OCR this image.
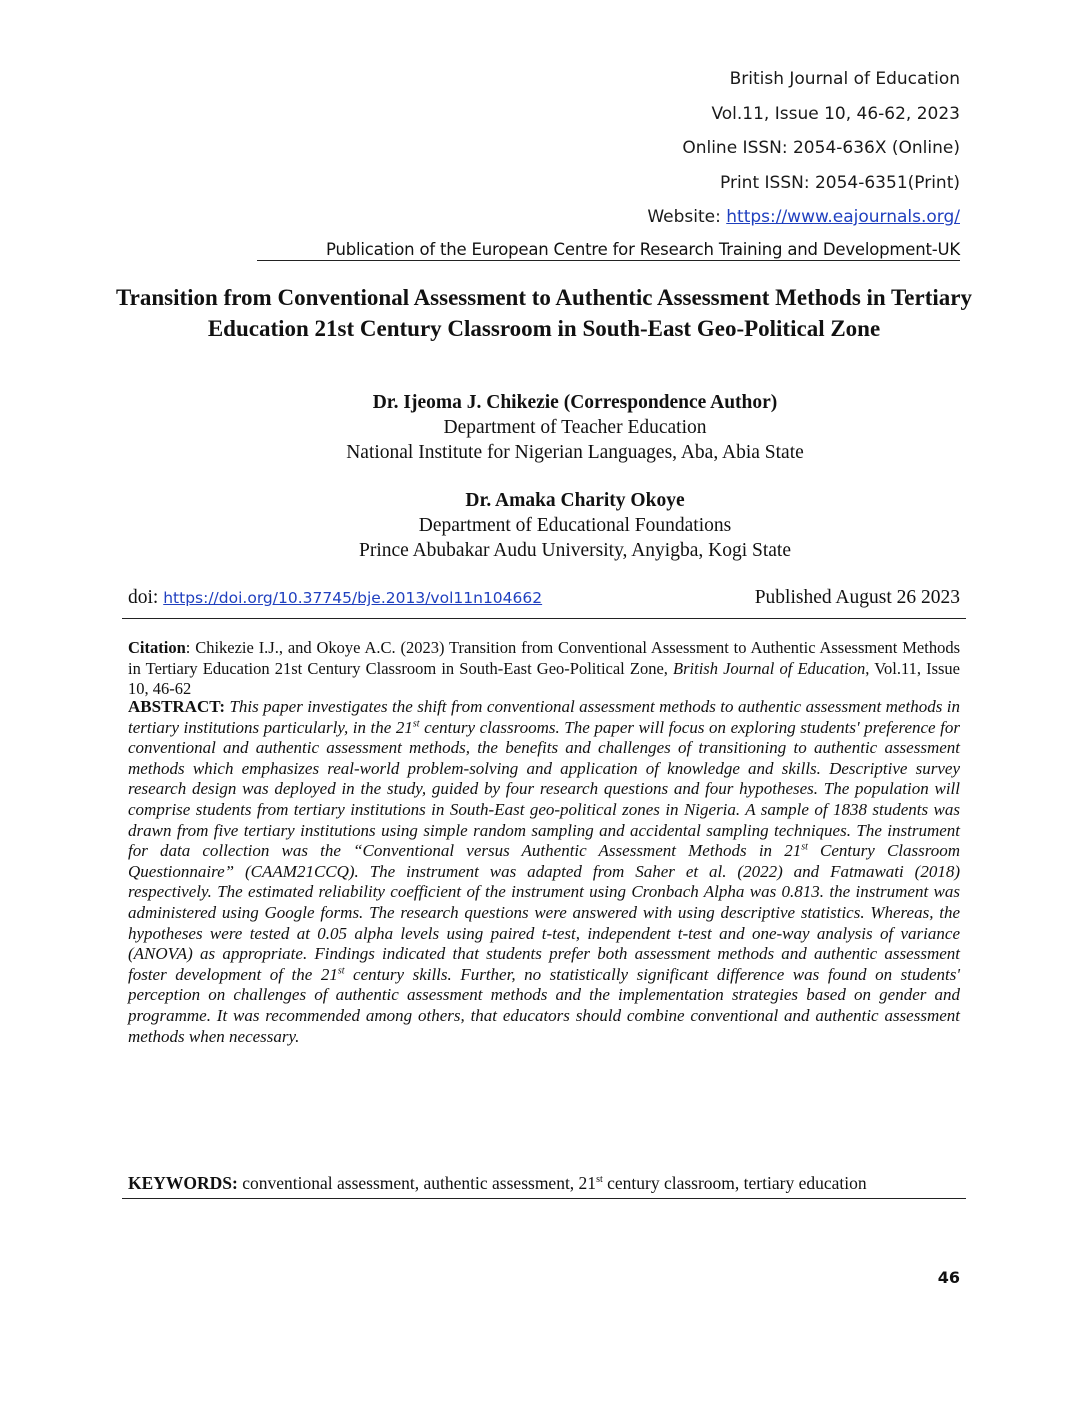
British Journal of Education
Vol.11, Issue 10, 46-62, 2023
Online ISSN: 2054-636X (Online)
Print ISSN: 2054-6351(Print)
Website: https://www.eajournals.org/
Publication of the European Centre for Research Training and Development-UK
Transition from Conventional Assessment to Authentic Assessment Methods in Tertiary Education 21st Century Classroom in South-East Geo-Political Zone
Dr. Ijeoma J. Chikezie (Correspondence Author)
Department of Teacher Education
National Institute for Nigerian Languages, Aba, Abia State
Dr. Amaka Charity Okoye
Department of Educational Foundations
Prince Abubakar Audu University, Anyigba, Kogi State
doi: https://doi.org/10.37745/bje.2013/vol11n104662	Published August 26 2023
Citation: Chikezie I.J., and Okoye A.C. (2023) Transition from Conventional Assessment to Authentic Assessment Methods in Tertiary Education 21st Century Classroom in South-East Geo-Political Zone, British Journal of Education, Vol.11, Issue 10, 46-62
ABSTRACT: This paper investigates the shift from conventional assessment methods to authentic assessment methods in tertiary institutions particularly, in the 21st century classrooms. The paper will focus on exploring students' preference for conventional and authentic assessment methods, the benefits and challenges of transitioning to authentic assessment methods which emphasizes real-world problem-solving and application of knowledge and skills. Descriptive survey research design was deployed in the study, guided by four research questions and four hypotheses. The population will comprise students from tertiary institutions in South-East geo-political zones in Nigeria. A sample of 1838 students was drawn from five tertiary institutions using simple random sampling and accidental sampling techniques. The instrument for data collection was the “Conventional versus Authentic Assessment Methods in 21st Century Classroom Questionnaire” (CAAM21CCQ). The instrument was adapted from Saher et al. (2022) and Fatmawati (2018) respectively. The estimated reliability coefficient of the instrument using Cronbach Alpha was 0.813. the instrument was administered using Google forms. The research questions were answered with using descriptive statistics. Whereas, the hypotheses were tested at 0.05 alpha levels using paired t-test, independent t-test and one-way analysis of variance (ANOVA) as appropriate. Findings indicated that students prefer both assessment methods and authentic assessment foster development of the 21st century skills. Further, no statistically significant difference was found on students' perception on challenges of authentic assessment methods and the implementation strategies based on gender and programme. It was recommended among others, that educators should combine conventional and authentic assessment methods when necessary.
KEYWORDS: conventional assessment, authentic assessment, 21st century classroom, tertiary education
46
